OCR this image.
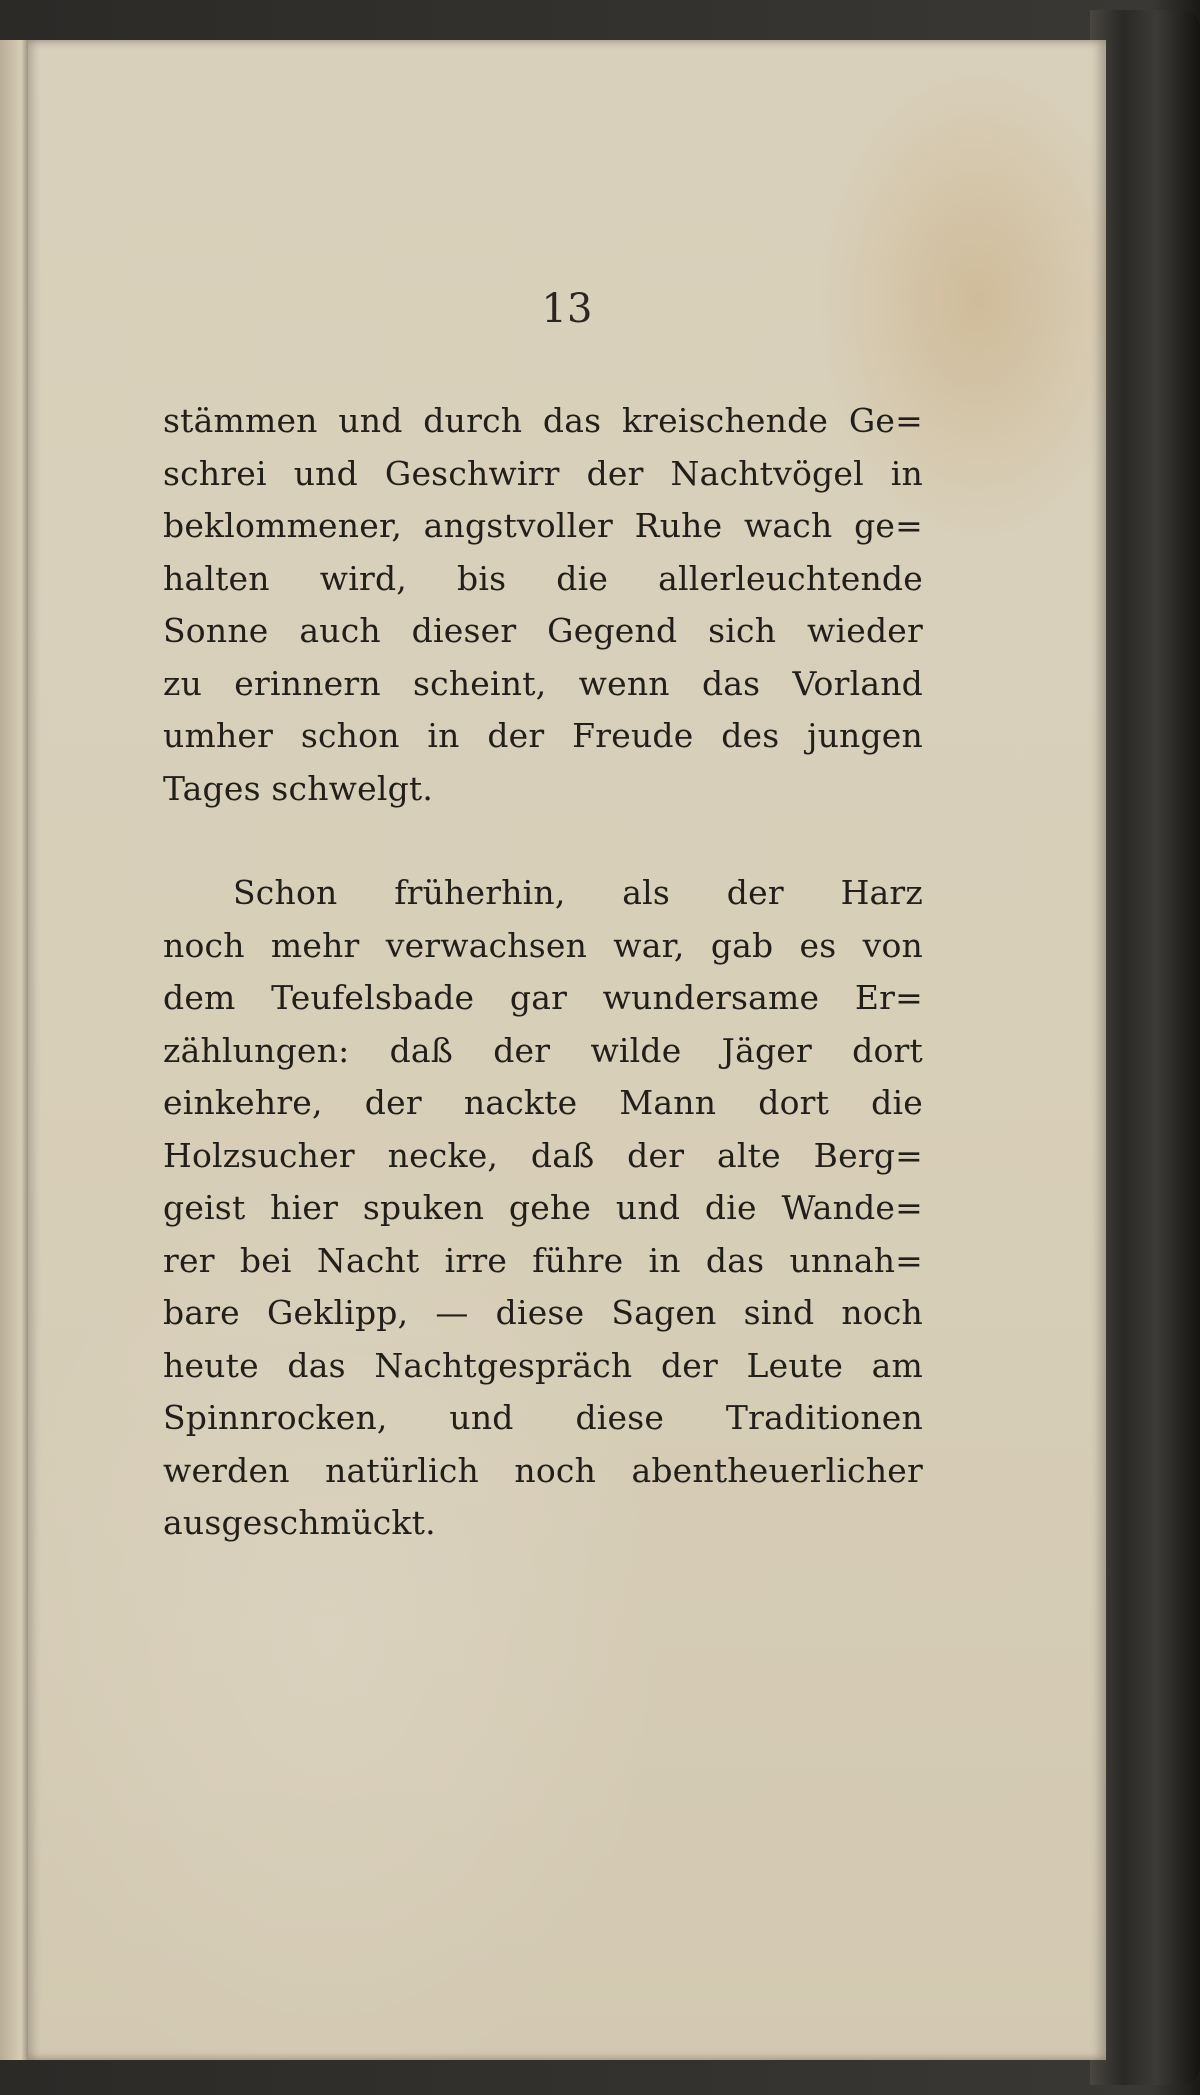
13
stämmen und durch das kreischende Ge=
schrei und Geschwirr der Nachtvögel in
beklommener, angstvoller Ruhe wach ge=
halten wird, bis die allerleuchtende
Sonne auch dieser Gegend sich wieder
zu erinnern scheint, wenn das Vorland
umher schon in der Freude des jungen
Tages schwelgt.
Schon früherhin, als der Harz
noch mehr verwachsen war, gab es von
dem Teufelsbade gar wundersame Er=
zählungen: daß der wilde Jäger dort
einkehre, der nackte Mann dort die
Holzsucher necke, daß der alte Berg=
geist hier spuken gehe und die Wande=
rer bei Nacht irre führe in das unnah=
bare Geklipp, — diese Sagen sind noch
heute das Nachtgespräch der Leute am
Spinnrocken, und diese Traditionen
werden natürlich noch abentheuerlicher
ausgeschmückt.
